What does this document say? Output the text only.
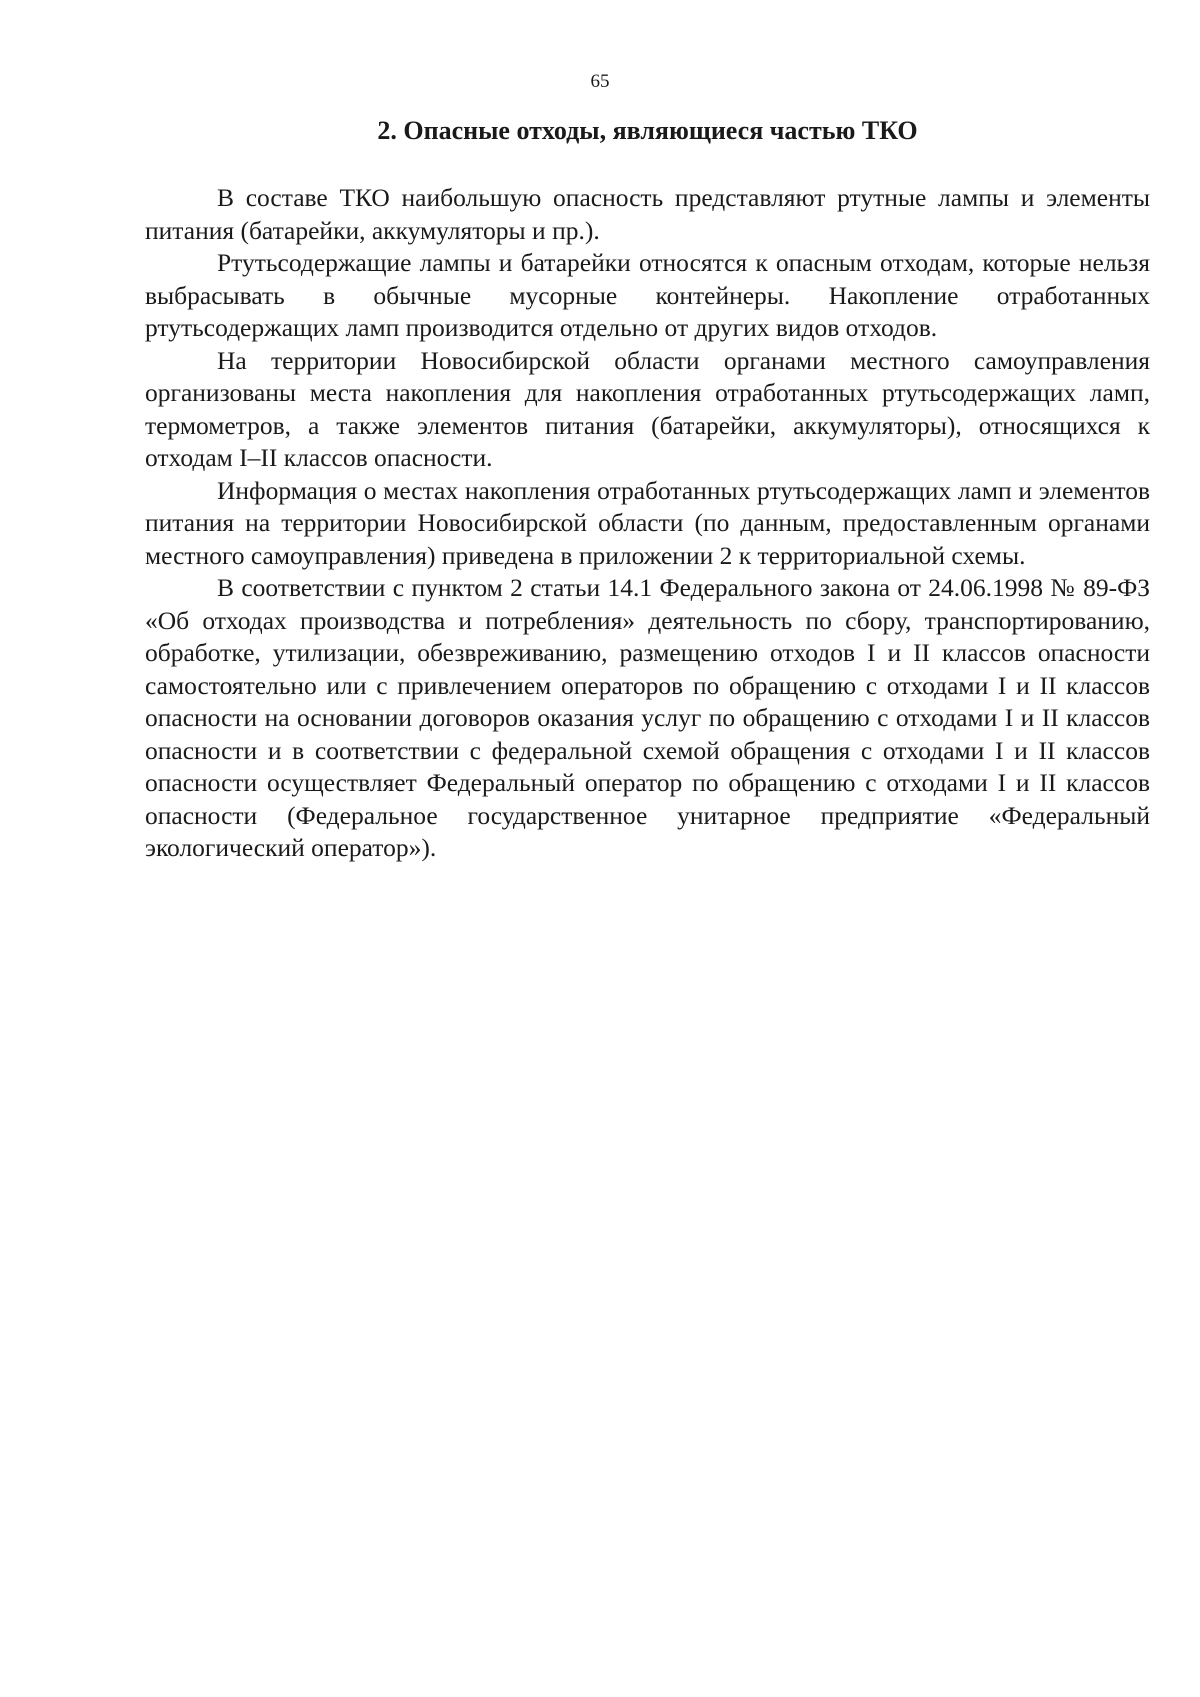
65
2. Опасные отходы, являющиеся частью ТКО

В составе ТКО наибольшую опасность представляют ртутные лампы и элементы питания (батарейки, аккумуляторы и пр.).

Ртутьсодержащие лампы и батарейки относятся к опасным отходам, которые нельзя выбрасывать в обычные мусорные контейнеры. Накопление отработанных ртутьсодержащих ламп производится отдельно от других видов отходов.

На территории Новосибирской области органами местного самоуправления организованы места накопления для накопления отработанных ртутьсодержащих ламп, термометров, а также элементов питания (батарейки, аккумуляторы), относящихся к отходам I–II классов опасности.

Информация о местах накопления отработанных ртутьсодержащих ламп и элементов питания на территории Новосибирской области (по данным, предоставленным органами местного самоуправления) приведена в приложении 2 к территориальной схемы.

В соответствии с пунктом 2 статьи 14.1 Федерального закона от 24.06.1998 № 89-ФЗ «Об отходах производства и потребления» деятельность по сбору, транспортированию, обработке, утилизации, обезвреживанию, размещению отходов I и II классов опасности самостоятельно или с привлечением операторов по обращению с отходами I и II классов опасности на основании договоров оказания услуг по обращению с отходами I и II классов опасности и в соответствии с федеральной схемой обращения с отходами I и II классов опасности осуществляет Федеральный оператор по обращению с отходами I и II классов опасности (Федеральное государственное унитарное предприятие «Федеральный экологический оператор»).
